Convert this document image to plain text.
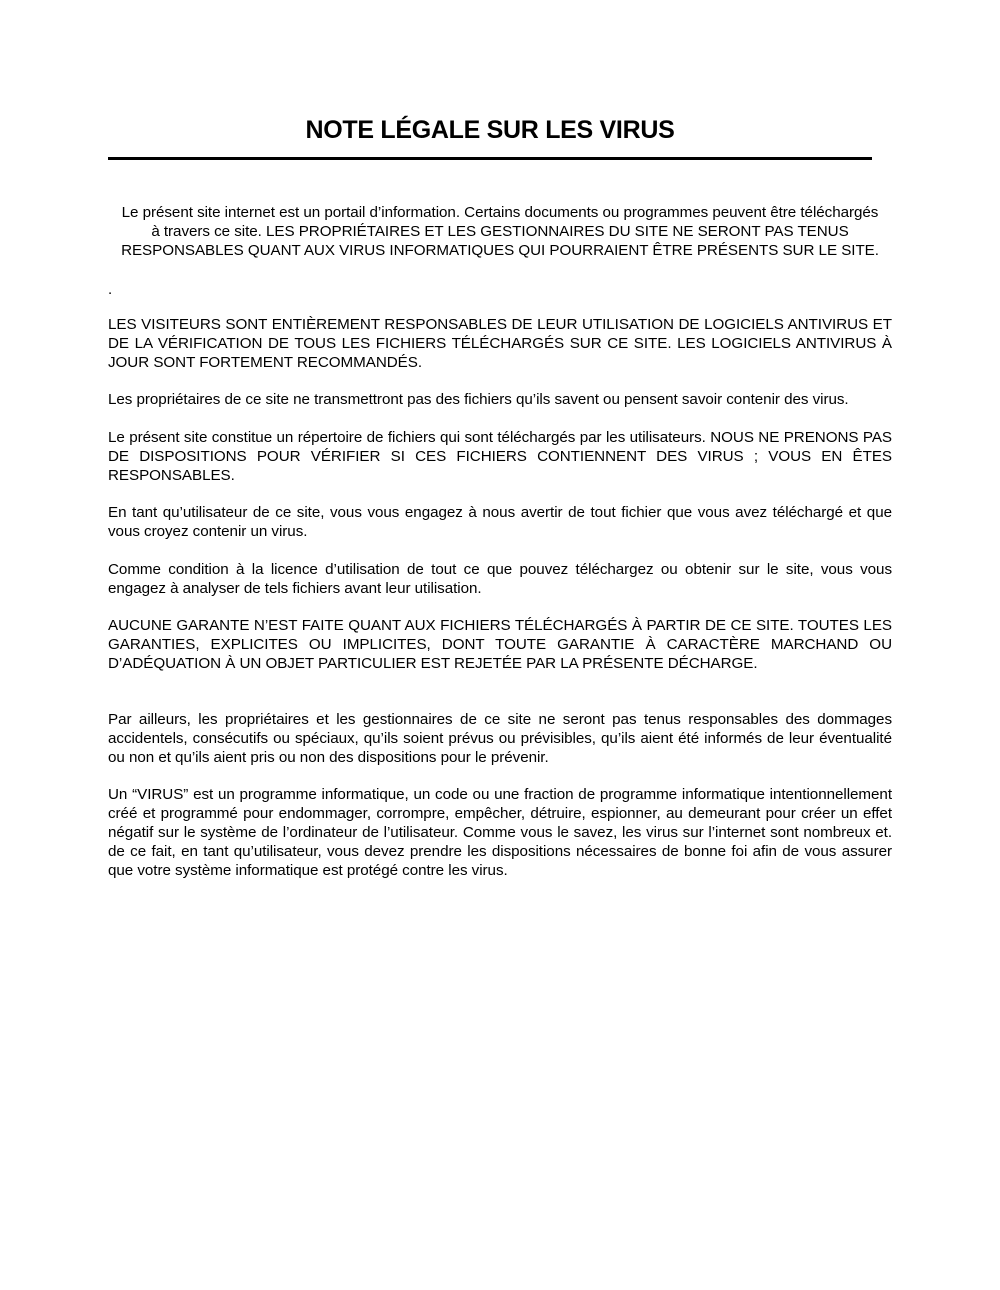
NOTE LÉGALE SUR LES VIRUS

Le présent site internet est un portail d’information. Certains documents ou programmes peuvent être téléchargés à travers ce site. LES PROPRIÉTAIRES ET LES GESTIONNAIRES DU SITE NE SERONT PAS TENUS RESPONSABLES QUANT AUX VIRUS INFORMATIQUES QUI POURRAIENT ÊTRE PRÉSENTS SUR LE SITE.

.

LES VISITEURS SONT ENTIÈREMENT RESPONSABLES DE LEUR UTILISATION DE LOGICIELS ANTIVIRUS ET DE LA VÉRIFICATION DE TOUS LES FICHIERS TÉLÉCHARGÉS SUR CE SITE. LES LOGICIELS ANTIVIRUS À JOUR SONT FORTEMENT RECOMMANDÉS.

Les propriétaires de ce site ne transmettront pas des fichiers qu’ils savent ou pensent savoir contenir des virus.

Le présent site constitue un répertoire de fichiers qui sont téléchargés par les utilisateurs. NOUS NE PRENONS PAS DE DISPOSITIONS POUR VÉRIFIER SI CES FICHIERS CONTIENNENT DES VIRUS ; VOUS EN ÊTES RESPONSABLES.

En tant qu’utilisateur de ce site, vous vous engagez à nous avertir de tout fichier que vous avez téléchargé et que vous croyez contenir un virus.

Comme condition à la licence d’utilisation de tout ce que pouvez téléchargez ou obtenir sur le site, vous vous engagez à analyser de tels fichiers avant leur utilisation.

AUCUNE GARANTE N’EST FAITE QUANT AUX FICHIERS TÉLÉCHARGÉS À PARTIR DE CE SITE. TOUTES LES GARANTIES, EXPLICITES OU IMPLICITES, DONT TOUTE GARANTIE À CARACTÈRE MARCHAND OU D’ADÉQUATION À UN OBJET PARTICULIER EST REJETÉE PAR LA PRÉSENTE DÉCHARGE.

Par ailleurs, les propriétaires et les gestionnaires de ce site ne seront pas tenus responsables des dommages accidentels, consécutifs ou spéciaux, qu’ils soient prévus ou prévisibles, qu’ils aient été informés de leur éventualité ou non et qu’ils aient pris ou non des dispositions pour le prévenir.

Un “VIRUS” est un programme informatique, un code ou une fraction de programme informatique intentionnellement créé et programmé pour endommager, corrompre, empêcher, détruire, espionner, au demeurant pour créer un effet négatif sur le système de l’ordinateur de l’utilisateur. Comme vous le savez, les virus sur l’internet sont nombreux et. de ce fait, en tant qu’utilisateur, vous devez prendre les dispositions nécessaires de bonne foi afin de vous assurer que votre système informatique est protégé contre les virus.
